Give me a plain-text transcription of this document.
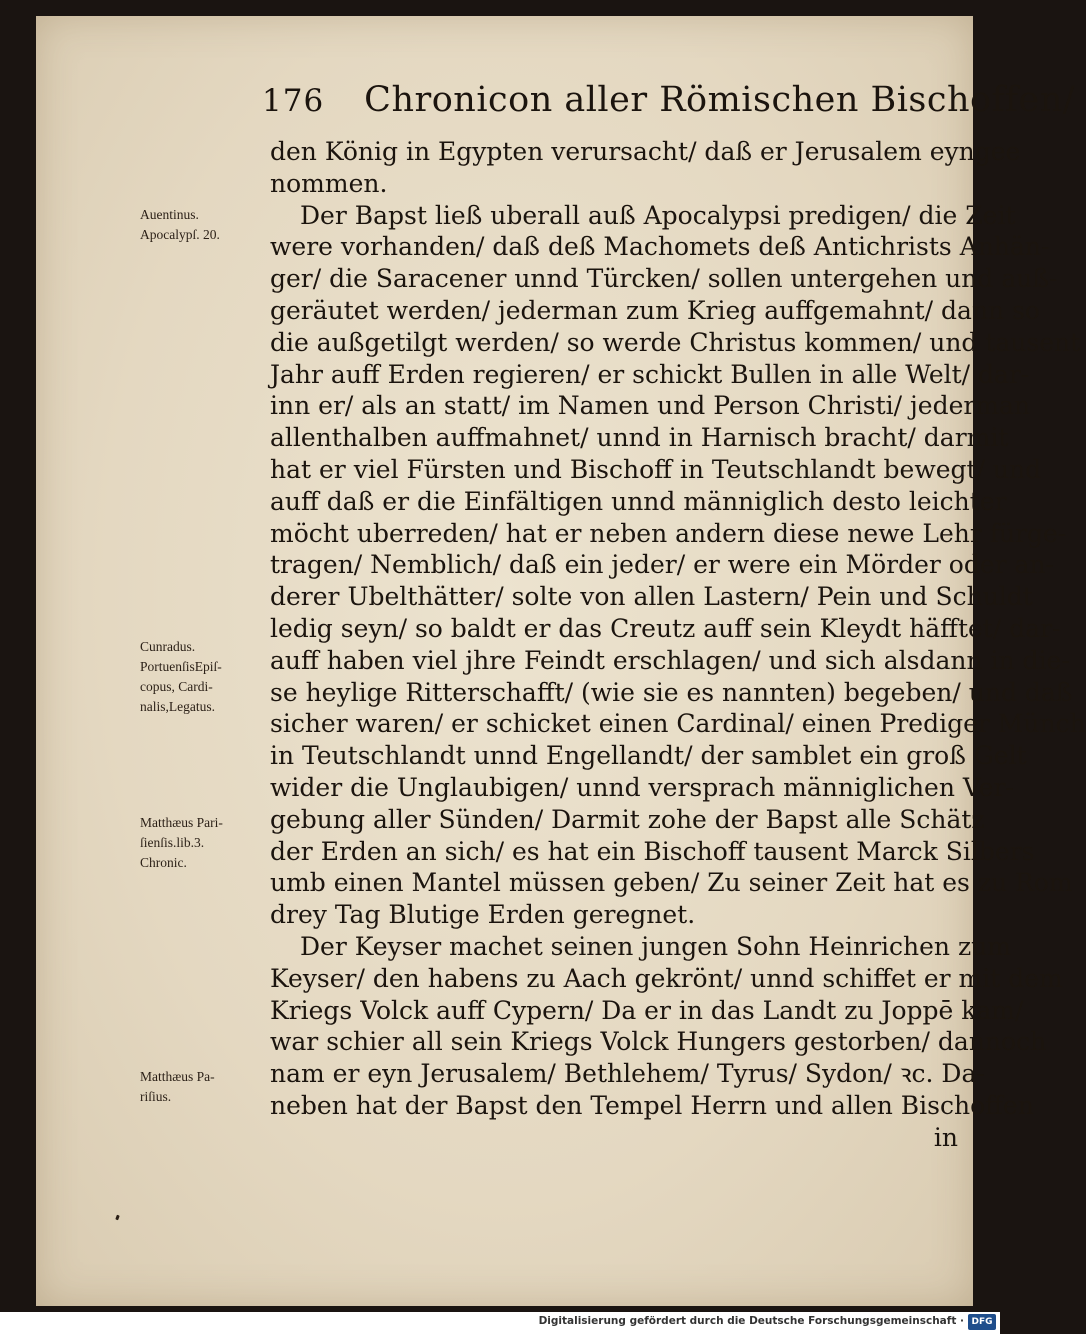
176 Chronicon aller Römischen Bischoffen/
den König in Egypten verursacht/ daß er Jerusalem eyngee
nommen.
Der Bapst ließ uberall auß Apocalypsi predigen/ die Zeit
were vorhanden/ daß deß Machomets deß Antichrists Anhän-
ger/ die Saracener unnd Türcken/ sollen untergehen und auß-
geräutet werden/ jederman zum Krieg auffgemahnt/ dann so
die außgetilgt werden/ so werde Christus kommen/ und tausent
Jahr auff Erden regieren/ er schickt Bullen in alle Welt/ dar-
inn er/ als an statt/ im Namen und Person Christi/ jederman
allenthalben auffmahnet/ unnd in Harnisch bracht/ darmit
hat er viel Fürsten und Bischoff in Teutschlandt bewegt/ und
auff daß er die Einfältigen unnd männiglich desto leichter
möcht uberreden/ hat er neben andern diese newe Lehr fürge-
tragen/ Nemblich/ daß ein jeder/ er were ein Mörder oder an-
derer Ubelthätter/ solte von allen Lastern/ Pein und Schuldt
ledig seyn/ so baldt er das Creutz auff sein Kleydt häfftet/ dar-
auff haben viel jhre Feindt erschlagen/ und sich alsdann in die-
se heylige Ritterschafft/ (wie sie es nannten) begeben/ und daß
sicher waren/ er schicket einen Cardinal/ einen Prediger Münch
in Teutschlandt unnd Engellandt/ der samblet ein groß Gelt
wider die Unglaubigen/ unnd versprach männiglichen Ver-
gebung aller Sünden/ Darmit zohe der Bapst alle Schätz
der Erden an sich/ es hat ein Bischoff tausent Marck Silbers
umb einen Mantel müssen geben/ Zu seiner Zeit hat es zu Rom
drey Tag Blutige Erden geregnet.
Der Keyser machet seinen jungen Sohn Heinrichen zum
Keyser/ den habens zu Aach gekrönt/ unnd schiffet er mit dem
Kriegs Volck auff Cypern/ Da er in das Landt zu Joppē kam/
war schier all sein Kriegs Volck Hungers gestorben/ dannoch
nam er eyn Jerusalem/ Bethlehem/ Tyrus/ Sydon/ ꝛc. Da-
neben hat der Bapst den Tempel Herrn und allen Bischoffen
in
Auentinus.
Apocalypſ. 20.
Cunradus.
PortuenſisEpiſ-
copus, Cardi-
nalis,Legatus.
Matthæus Pari-
ſienſis.lib.3.
Chronic.
Matthæus Pa-
riſius.
Digitalisierung gefördert durch die Deutsche Forschungsgemeinschaft · DFG
